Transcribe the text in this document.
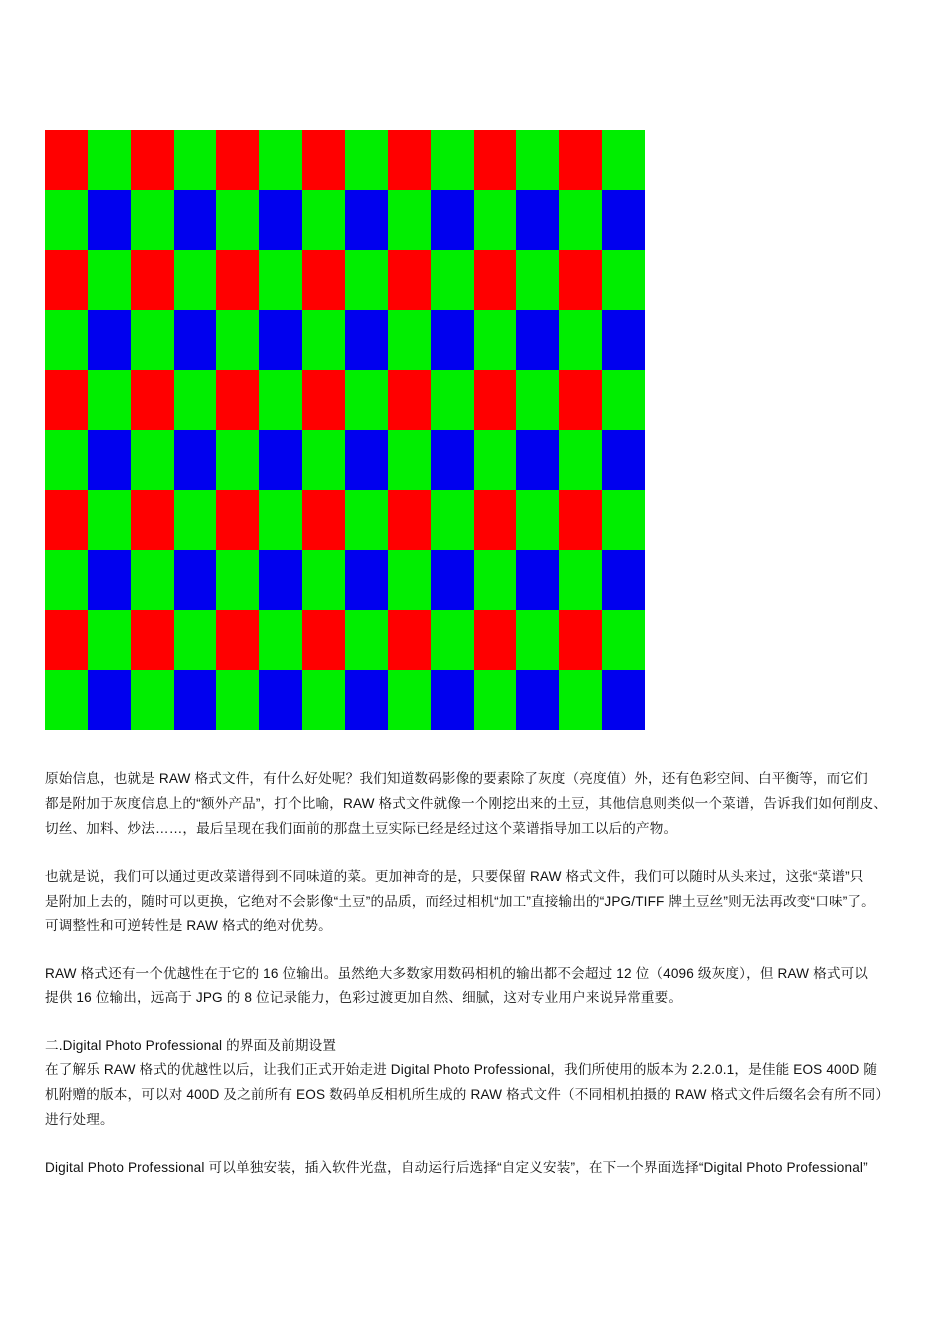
原始信息，也就是 RAW 格式文件，有什么好处呢？我们知道数码影像的要素除了灰度（亮度值）外，还有色彩空间、白平衡等，而它们
都是附加于灰度信息上的“额外产品”，打个比喻，RAW 格式文件就像一个刚挖出来的土豆，其他信息则类似一个菜谱，告诉我们如何削皮、
切丝、加料、炒法……，最后呈现在我们面前的那盘土豆实际已经是经过这个菜谱指导加工以后的产物。
也就是说，我们可以通过更改菜谱得到不同味道的菜。更加神奇的是，只要保留 RAW 格式文件，我们可以随时从头来过，这张“菜谱”只
是附加上去的，随时可以更换，它绝对不会影像“土豆”的品质，而经过相机“加工”直接输出的“JPG/TIFF 牌土豆丝”则无法再改变“口味”了。
可调整性和可逆转性是 RAW 格式的绝对优势。
RAW 格式还有一个优越性在于它的 16 位输出。虽然绝大多数家用数码相机的输出都不会超过 12 位（4096 级灰度），但 RAW 格式可以
提供 16 位输出，远高于 JPG 的 8 位记录能力，色彩过渡更加自然、细腻，这对专业用户来说异常重要。
二.Digital Photo Professional 的界面及前期设置
在了解乐 RAW 格式的优越性以后，让我们正式开始走进 Digital Photo Professional，我们所使用的版本为 2.2.0.1，是佳能 EOS 400D 随
机附赠的版本，可以对 400D 及之前所有 EOS 数码单反相机所生成的 RAW 格式文件（不同相机拍摄的 RAW 格式文件后缀名会有所不同）
进行处理。
Digital Photo Professional 可以单独安装，插入软件光盘，自动运行后选择“自定义安装”，在下一个界面选择“Digital Photo Professional”
